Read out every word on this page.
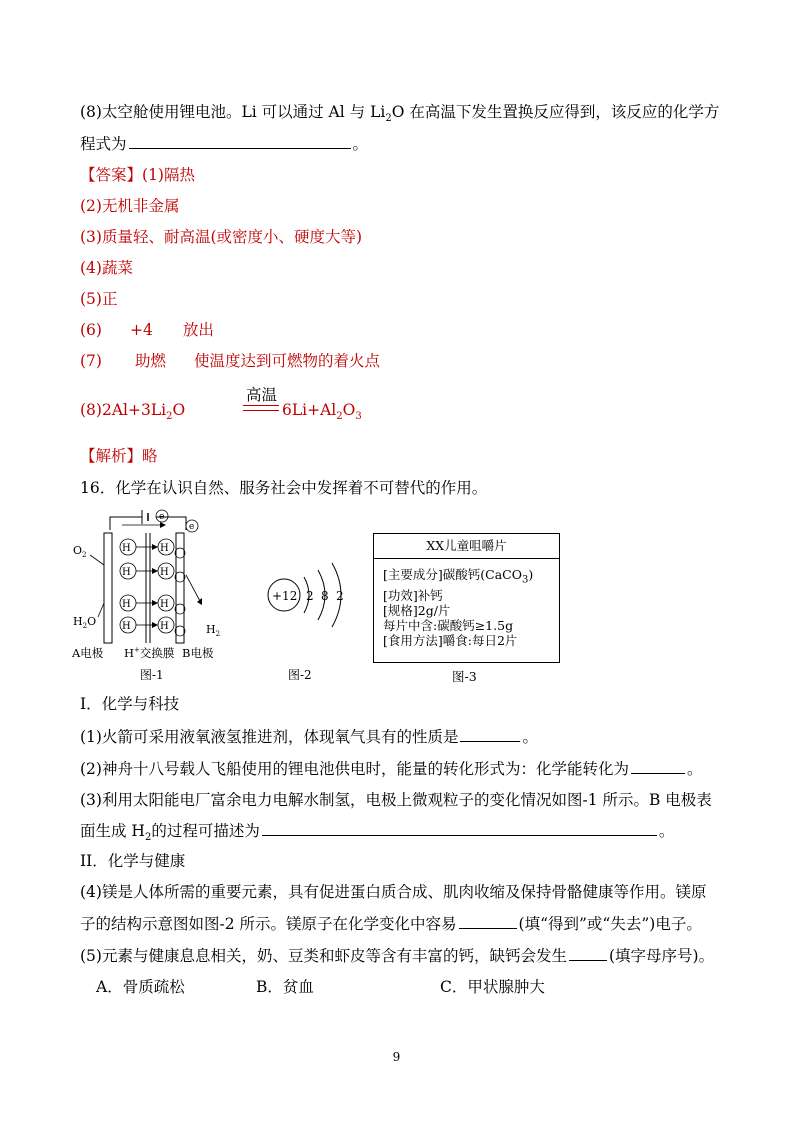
(8)太空舱使用锂电池。Li 可以通过 Al 与 $Li_2O$ 在高温下发生置换反应得到，该反应的化学方
程式为	。
【答案】(1)隔热
(2)无机非金属
(3)质量轻、耐高温(或密度小、硬度大等)
(4)蔬菜
(5)正
(6) +4 放出
(7) 助燃 使温度达到可燃物的着火点
$(8)2Al+3Li_2O$
高温
$6Li+Al_2O_3$
【解析】略
16．化学在认识自然、服务社会中发挥着不可替代的作用。
e
e
H	H
H	H
H	H
H	H
$O_2$
$H_2O$
$H_2$
A电极 H+交换膜 B电极
图-1
+12 2 8 2
图-2
XX儿童咀嚼片
[主要成分]碳酸钙(CaCO$_3$)
[功效]补钙
[规格]2g/片
每片中含:碳酸钙≥1.5g
[食用方法]嚼食:每日2片
图-3
I．化学与科技
(1)火箭可采用液氧液氢推进剂，体现氧气具有的性质是	。
(2)神舟十八号载人飞船使用的锂电池供电时，能量的转化形式为：化学能转化为	。
(3)利用太阳能电厂富余电力电解水制氢，电极上微观粒子的变化情况如图-1 所示。B 电极表
面生成 $H_2$的过程可描述为	。
II．化学与健康
(4)镁是人体所需的重要元素，具有促进蛋白质合成、肌肉收缩及保持骨骼健康等作用。镁原
子的结构示意图如图-2 所示。镁原子在化学变化中容易	(填“得到”或“失去”)电子。
(5)元素与健康息息相关，奶、豆类和虾皮等含有丰富的钙，缺钙会发生	(填字母序号)。
A．骨质疏松	B．贫血	C．甲状腺肿大
9
